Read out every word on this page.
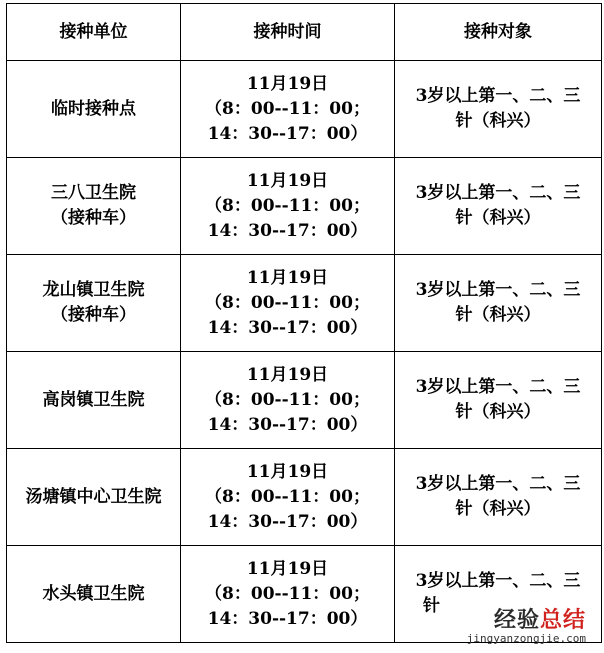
接种单位	接种时间	接种对象

临时接种点	11月19日
（8：00--11：00；
14：30--17：00）	3岁以上第一、二、三
针（科兴）

三八卫生院
（接种车）	11月19日
（8：00--11：00；
14：30--17：00）	3岁以上第一、二、三
针（科兴）

龙山镇卫生院
（接种车）	11月19日
（8：00--11：00；
14：30--17：00）	3岁以上第一、二、三
针（科兴）

高岗镇卫生院	11月19日
（8：00--11：00；
14：30--17：00）	3岁以上第一、二、三
针（科兴）

汤塘镇中心卫生院	11月19日
（8：00--11：00；
14：30--17：00）	3岁以上第一、二、三
针（科兴）

水头镇卫生院	11月19日
（8：00--11：00；
14：30--17：00）	3岁以上第一、二、三
针
经验总结
jingyanzongjie.com
